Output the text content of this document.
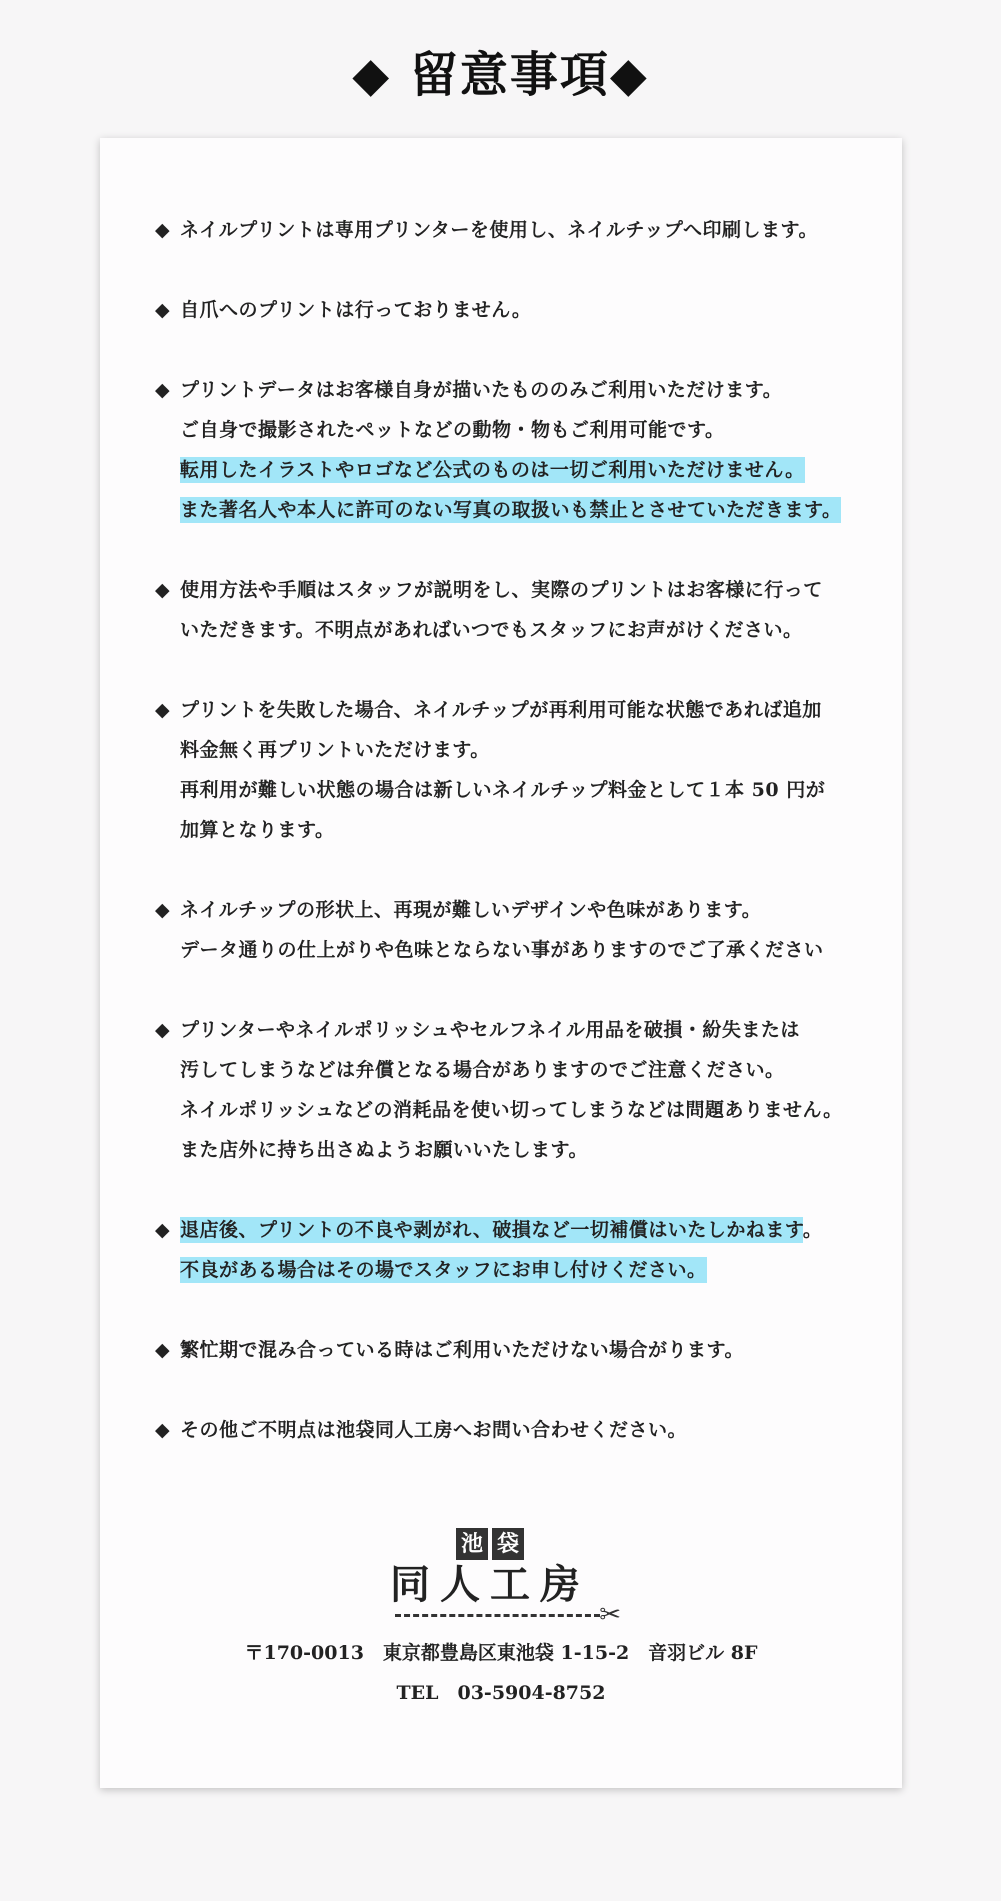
◆ 留意事項◆
◆ ネイルプリントは専用プリンターを使用し、ネイルチップへ印刷します。
◆ 自爪へのプリントは行っておりません。
◆ プリントデータはお客様自身が描いたもののみご利用いただけます。
ご自身で撮影されたペットなどの動物・物もご利用可能です。
転用したイラストやロゴなど公式のものは一切ご利用いただけません。
また著名人や本人に許可のない写真の取扱いも禁止とさせていただきます。
◆ 使用方法や手順はスタッフが説明をし、実際のプリントはお客様に行って
いただきます。不明点があればいつでもスタッフにお声がけください。
◆ プリントを失敗した場合、ネイルチップが再利用可能な状態であれば追加
料金無く再プリントいただけます。
再利用が難しい状態の場合は新しいネイルチップ料金として１本 50 円が
加算となります。
◆ ネイルチップの形状上、再現が難しいデザインや色味があります。
データ通りの仕上がりや色味とならない事がありますのでご了承ください
◆ プリンターやネイルポリッシュやセルフネイル用品を破損・紛失または
汚してしまうなどは弁償となる場合がありますのでご注意ください。
ネイルポリッシュなどの消耗品を使い切ってしまうなどは問題ありません。
また店外に持ち出さぬようお願いいたします。
◆ 退店後、プリントの不良や剥がれ、破損など一切補償はいたしかねます。
不良がある場合はその場でスタッフにお申し付けください。
◆ 繁忙期で混み合っている時はご利用いただけない場合がります。
◆ その他ご不明点は池袋同人工房へお問い合わせください。
池 袋
同人工房
✂
〒170-0013　東京都豊島区東池袋 1-15-2　音羽ビル 8F
TEL　03-5904-8752
